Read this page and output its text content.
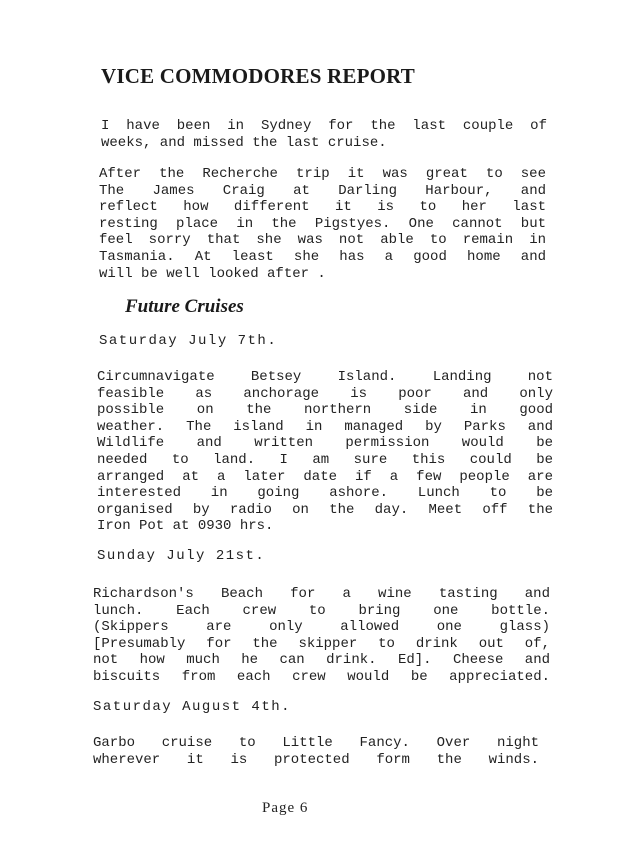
VICE COMMODORES REPORT
I have been in Sydney for the last couple of
weeks, and missed the last cruise.
After the Recherche trip it was great to see
The James Craig at Darling Harbour, and
reflect how different it is to her last
resting place in the Pigstyes. One cannot but
feel sorry that she was not able to remain in
Tasmania. At least she has a good home and
will be well looked after .
Future Cruises
Saturday July 7th.
Circumnavigate Betsey Island. Landing not
feasible as anchorage is poor and only
possible on the northern side in good
weather. The island in managed by Parks and
Wildlife and written permission would be
needed to land. I am sure this could be
arranged at a later date if a few people are
interested in going ashore. Lunch to be
organised by radio on the day. Meet off the
Iron Pot at 0930 hrs.
Sunday July 21st.
Richardson's Beach for a wine tasting and
lunch. Each crew to bring one bottle.
(Skippers are only allowed one glass)
[Presumably for the skipper to drink out of,
not how much he can drink. Ed]. Cheese and
biscuits from each crew would be appreciated.
Saturday August 4th.
Garbo cruise to Little Fancy. Over night
wherever it is protected form the winds.
Page 6
